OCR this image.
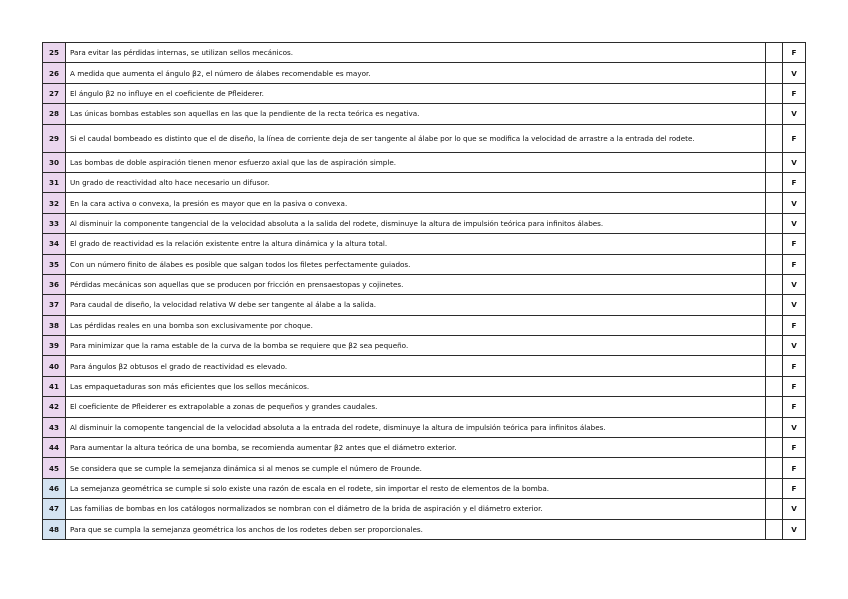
25	Para evitar las pérdidas internas, se utilizan sellos mecánicos.		F
26	A medida que aumenta el ángulo β2, el número de álabes recomendable es mayor.		V
27	El ángulo β2 no influye en el coeficiente de Pfleiderer.		F
28	Las únicas bombas estables son aquellas en las que la pendiente de la recta teórica es negativa.		V
29	Si el caudal bombeado es distinto que el de diseño, la línea de corriente deja de ser tangente al álabe por lo que se modifica la velocidad de arrastre a la entrada del rodete.		F
30	Las bombas de doble aspiración tienen menor esfuerzo axial que las de aspiración simple.		V
31	Un grado de reactividad alto hace necesario un difusor.		F
32	En la cara activa o convexa, la presión es mayor que en la pasiva o convexa.		V
33	Al disminuir la componente tangencial de la velocidad absoluta a la salida del rodete, disminuye la altura de impulsión teórica para infinitos álabes.		V
34	El grado de reactividad es la relación existente entre la altura dinámica y la altura total.		F
35	Con un número finito de álabes es posible que salgan todos los filetes perfectamente guiados.		F
36	Pérdidas mecánicas son aquellas que se producen por fricción en prensaestopas y cojinetes.		V
37	Para caudal de diseño, la velocidad relativa W debe ser tangente al álabe a la salida.		V
38	Las pérdidas reales en una bomba son exclusivamente por choque.		F
39	Para minimizar que la rama estable de la curva de la bomba se requiere que β2 sea pequeño.		V
40	Para ángulos β2 obtusos el grado de reactividad es elevado.		F
41	Las empaquetaduras son más eficientes que los sellos mecánicos.		F
42	El coeficiente de Pfleiderer es extrapolable a zonas de pequeños y grandes caudales.		F
43	Al disminuir la comopente tangencial de la velocidad absoluta a la entrada del rodete, disminuye la altura de impulsión teórica para infinitos álabes.		V
44	Para aumentar la altura teórica de una bomba, se recomienda aumentar β2 antes que el diámetro exterior.		F
45	Se considera que se cumple la semejanza dinámica si al menos se cumple el número de Frounde.		F
46	La semejanza geométrica se cumple si solo existe una razón de escala en el rodete, sin importar el resto de elementos de la bomba.		F
47	Las familias de bombas en los catálogos normalizados se nombran con el diámetro de la brida de aspiración y el diámetro exterior.		V
48	Para que se cumpla la semejanza geométrica los anchos de los rodetes deben ser proporcionales.		V
